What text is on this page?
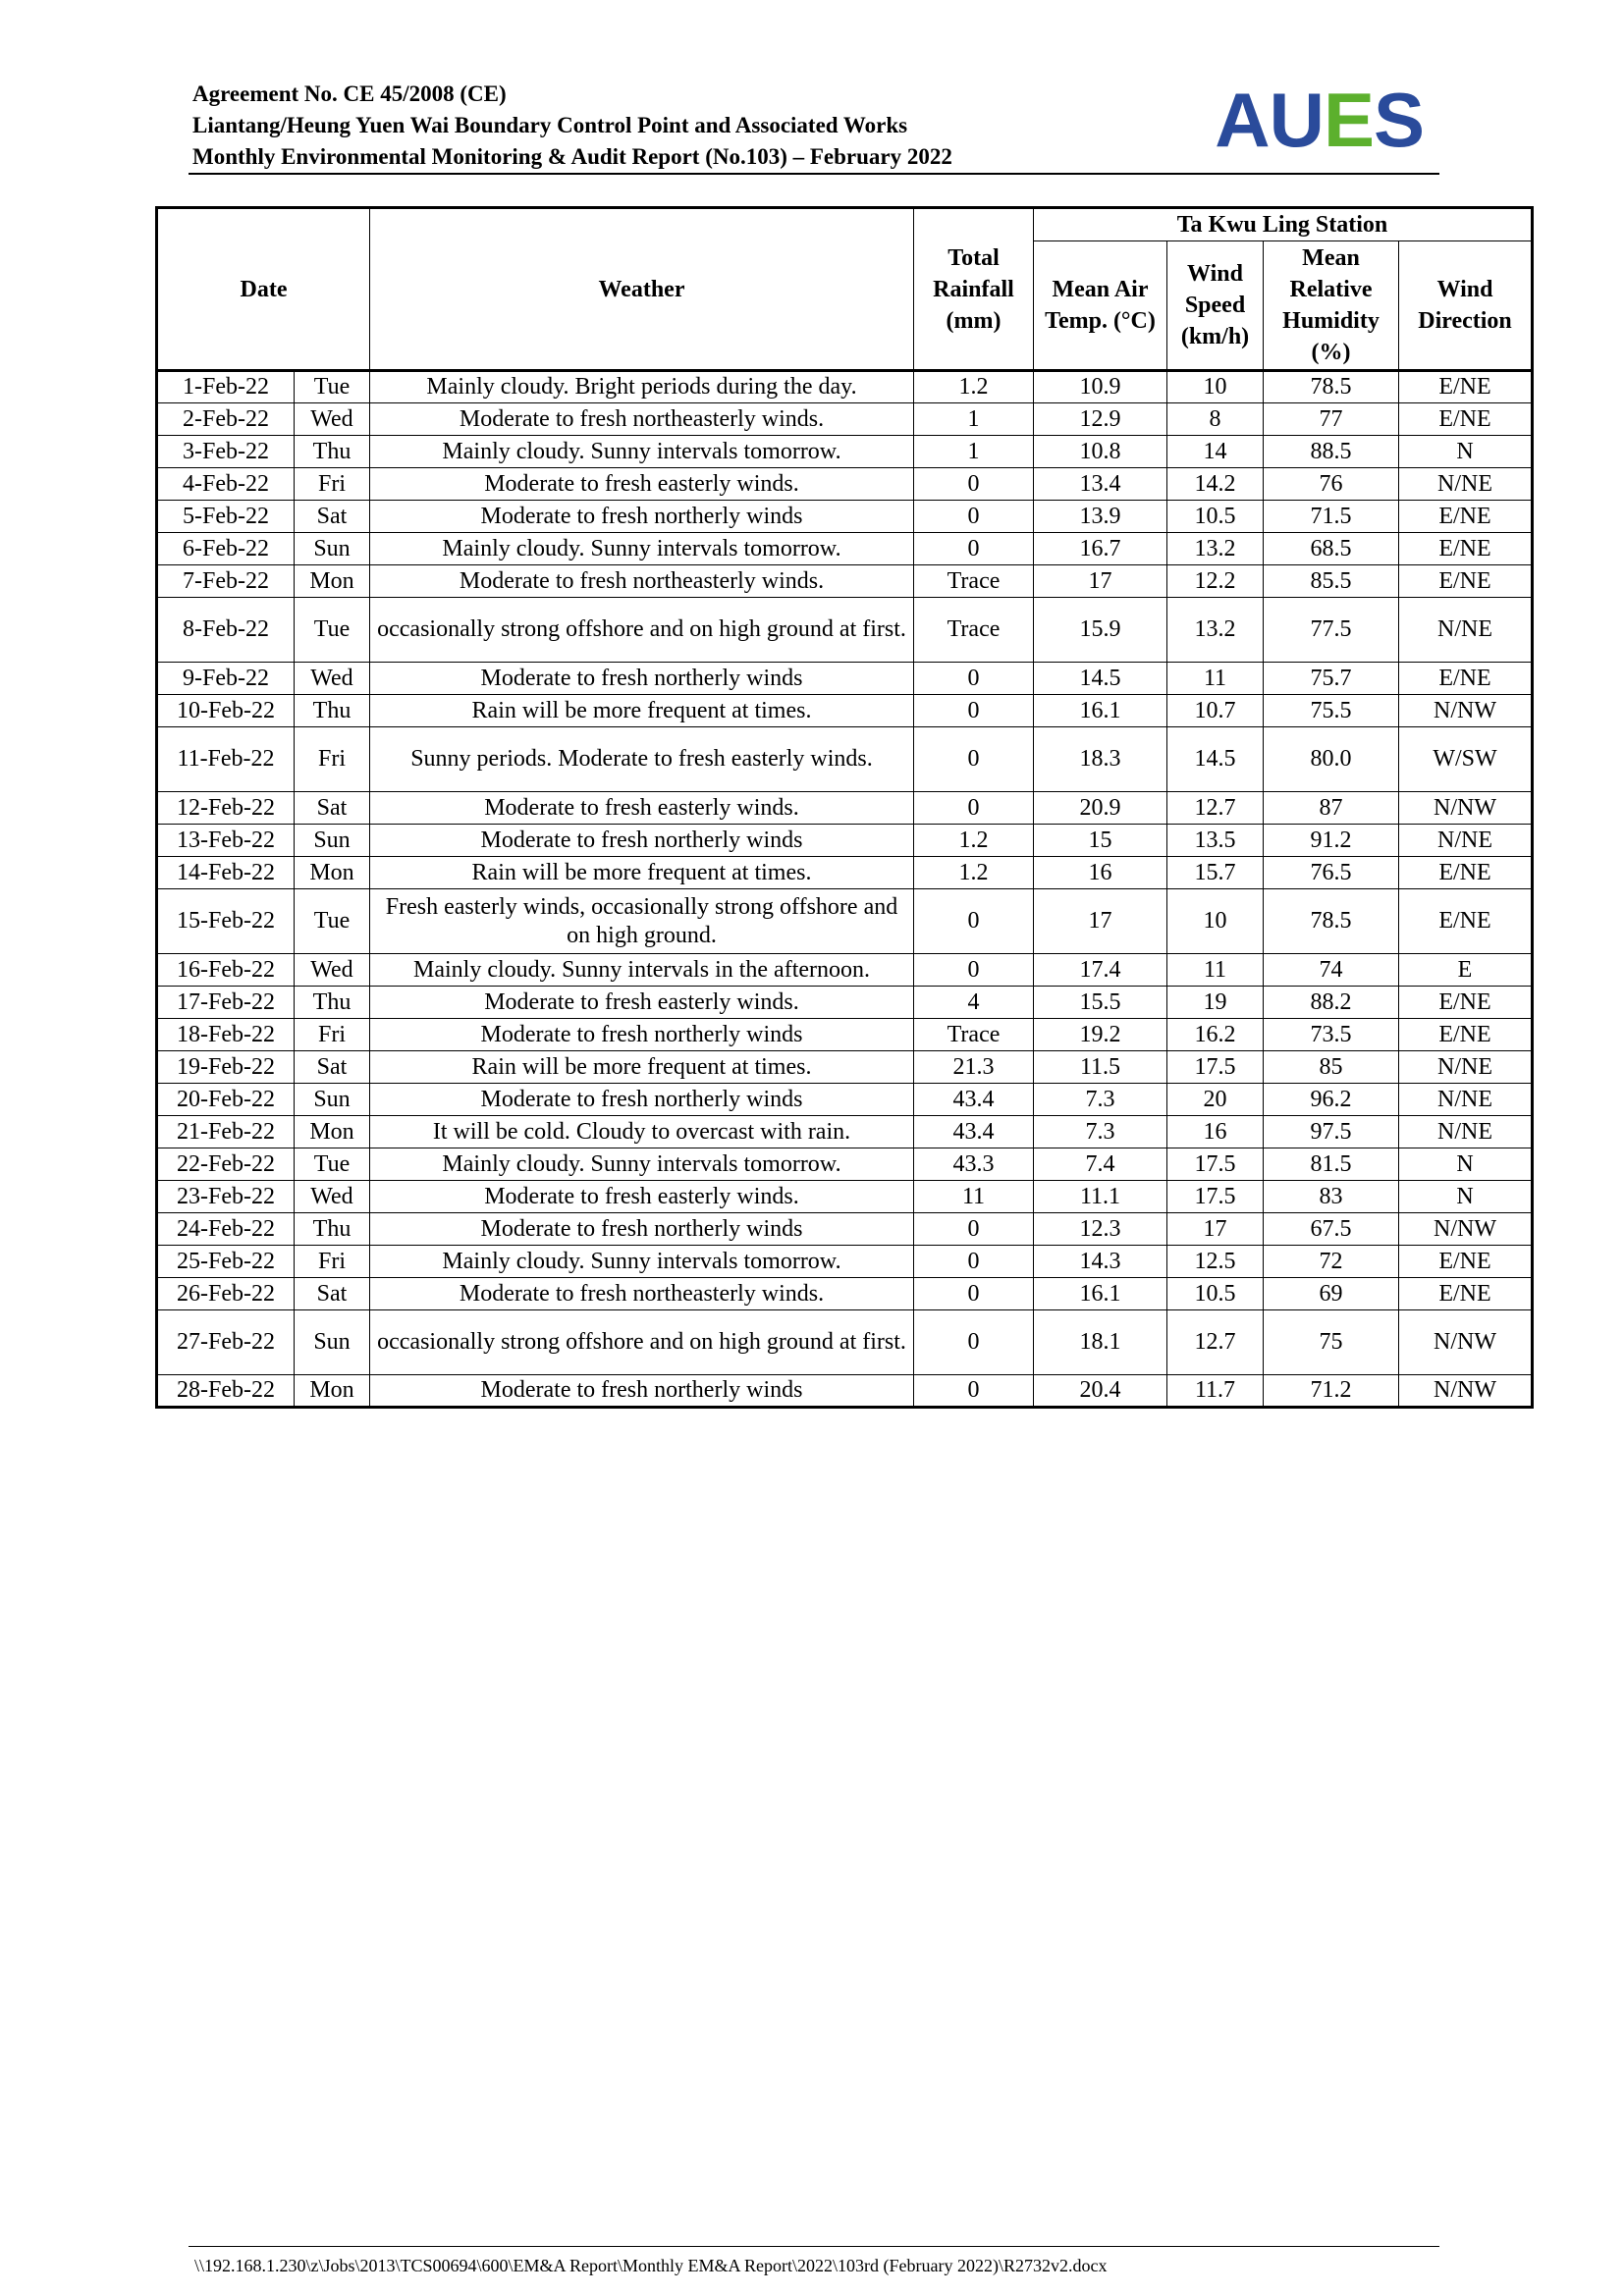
Agreement No. CE 45/2008 (CE)
Liantang/Heung Yuen Wai Boundary Control Point and Associated Works
Monthly Environmental Monitoring & Audit Report (No.103) – February 2022	AUES
Date		Weather	Total Rainfall (mm)	Ta Kwu Ling Station			
				Mean Air Temp. (°C)	Wind Speed (km/h)	Mean Relative Humidity (%)	Wind Direction
1-Feb-22	Tue	Mainly cloudy. Bright periods during the day.	1.2	10.9	10	78.5	E/NE
2-Feb-22	Wed	Moderate to fresh northeasterly winds.	1	12.9	8	77	E/NE
3-Feb-22	Thu	Mainly cloudy. Sunny intervals tomorrow.	1	10.8	14	88.5	N
4-Feb-22	Fri	Moderate to fresh easterly winds.	0	13.4	14.2	76	N/NE
5-Feb-22	Sat	Moderate to fresh northerly winds	0	13.9	10.5	71.5	E/NE
6-Feb-22	Sun	Mainly cloudy. Sunny intervals tomorrow.	0	16.7	13.2	68.5	E/NE
7-Feb-22	Mon	Moderate to fresh northeasterly winds.	Trace	17	12.2	85.5	E/NE
8-Feb-22	Tue	occasionally strong offshore and on high ground at first.	Trace	15.9	13.2	77.5	N/NE
9-Feb-22	Wed	Moderate to fresh northerly winds	0	14.5	11	75.7	E/NE
10-Feb-22	Thu	Rain will be more frequent at times.	0	16.1	10.7	75.5	N/NW
11-Feb-22	Fri	Sunny periods. Moderate to fresh easterly winds.	0	18.3	14.5	80.0	W/SW
12-Feb-22	Sat	Moderate to fresh easterly winds.	0	20.9	12.7	87	N/NW
13-Feb-22	Sun	Moderate to fresh northerly winds	1.2	15	13.5	91.2	N/NE
14-Feb-22	Mon	Rain will be more frequent at times.	1.2	16	15.7	76.5	E/NE
15-Feb-22	Tue	Fresh easterly winds, occasionally strong offshore and on high ground.	0	17	10	78.5	E/NE
16-Feb-22	Wed	Mainly cloudy. Sunny intervals in the afternoon.	0	17.4	11	74	E
17-Feb-22	Thu	Moderate to fresh easterly winds.	4	15.5	19	88.2	E/NE
18-Feb-22	Fri	Moderate to fresh northerly winds	Trace	19.2	16.2	73.5	E/NE
19-Feb-22	Sat	Rain will be more frequent at times.	21.3	11.5	17.5	85	N/NE
20-Feb-22	Sun	Moderate to fresh northerly winds	43.4	7.3	20	96.2	N/NE
21-Feb-22	Mon	It will be cold. Cloudy to overcast with rain.	43.4	7.3	16	97.5	N/NE
22-Feb-22	Tue	Mainly cloudy. Sunny intervals tomorrow.	43.3	7.4	17.5	81.5	N
23-Feb-22	Wed	Moderate to fresh easterly winds.	11	11.1	17.5	83	N
24-Feb-22	Thu	Moderate to fresh northerly winds	0	12.3	17	67.5	N/NW
25-Feb-22	Fri	Mainly cloudy. Sunny intervals tomorrow.	0	14.3	12.5	72	E/NE
26-Feb-22	Sat	Moderate to fresh northeasterly winds.	0	16.1	10.5	69	E/NE
27-Feb-22	Sun	occasionally strong offshore and on high ground at first.	0	18.1	12.7	75	N/NW
28-Feb-22	Mon	Moderate to fresh northerly winds	0	20.4	11.7	71.2	N/NW
\\192.168.1.230\z\Jobs\2013\TCS00694\600\EM&A Report\Monthly EM&A Report\2022\103rd (February 2022)\R2732v2.docx
